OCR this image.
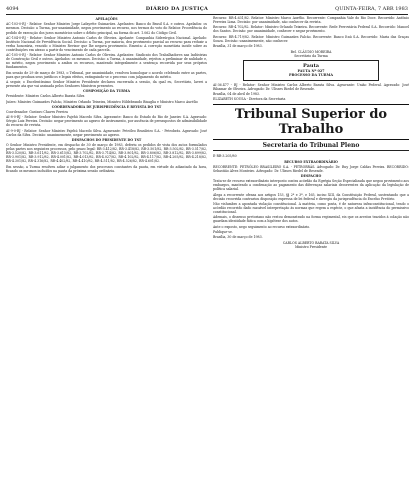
4094	DIÁRIO DA JUSTIÇA	QUINTA-FEIRA, 7 ABR 1983
APELAÇÕES
AC-103-0-RJ - Relator: Senhor Ministro Jorge Lafayette Guimarães. Apelantes: Banco do Brasil S.A. e outros. Apelados: os mesmos. Decisão: a Turma, por unanimidade, negou provimento ao recurso, nos termos do voto do Relator. Procedência do pedido de execução dos juros moratórios sobre o débito principal, na forma do art. 1.062 do Código Civil.
AC-104-0-RJ - Relator: Senhor Ministro Antonio Carlos de Oliveira. Apelante: Companhia Siderúrgica Nacional. Apelado: Instituto Nacional de Previdência Social. Decisão: a Turma, por maioria, deu provimento parcial ao recurso para reduzir a verba honorária, vencido o Ministro Revisor que lhe negava provimento. Ementa: A correção monetária incide sobre as contribuições em atraso a partir do vencimento de cada parcela.
AC-105-0-RJ - Relator: Senhor Ministro Antonio Carlos de Oliveira. Apelantes: Sindicato dos Trabalhadores nas Indústrias de Construção Civil e outros. Apelados: os mesmos. Decisão: a Turma, à unanimidade, rejeitou a preliminar de nulidade e, no mérito, negou provimento a ambos os recursos, mantendo integralmente a sentença recorrida por seus próprios fundamentos.
Em sessão de 29 de março de 1983, o Tribunal, por unanimidade, resolveu homologar o acordo celebrado entre as partes, para que produza seus jurídicos e legais efeitos, extinguindo-se o processo com julgamento do mérito.
A seguir, o Excelentíssimo Senhor Ministro Presidente declarou encerrada a sessão, da qual eu, Secretário, lavrei a presente ata que vai assinada pelos Senhores Ministros presentes.
COMPOSIÇÃO DA TURMA
Presidente: Ministro Carlos Alberto Barata Silva
Juízes: Ministro Guimarães Falcão, Ministro Orlando Teixeira, Ministro Hildebrando Bisaglia e Ministro Marco Aurélio
COORDENADORIA DE JURISPRUDÊNCIA E REVISTA DO TST
Coordenador: Gustavo Chaves Pereira
AI-8-0-RJ - Relator: Senhor Ministro Pajehú Macedo Silva. Agravante: Banco do Estado do Rio de Janeiro S.A. Agravado: Sérgio Luiz Pereira. Decisão: negar provimento ao agravo de instrumento, por ausência de pressupostos de admissibilidade do recurso de revista.
AI-9-0-RJ - Relator: Senhor Ministro Pajehú Macedo Silva. Agravante: Petróleo Brasileiro S.A. - Petrobrás. Agravado: José Carlos da Silva. Decisão: unanimemente, negar provimento ao agravo.
DESPACHOS DO PRESIDENTE DO TST
O Senhor Ministro Presidente, em despacho de 30 de março de 1983, deferiu os pedidos de vista dos autos formulados pelas partes nos seguintes processos, pelo prazo legal: RR-3.412/82, RR-3.418/82, RR-3.501/82, RR-3.502/82, RR-3.517/82, RR-3.520/82, RR-3.611/82, RR-3.615/82, RR-3.702/82, RR-3.714/82, RR-3.801/82, RR-3.806/82, RR-3.812/82, RR-3.899/82, RR-3.901/82, RR-3.912/82, RR-4.001/82, RR-4.013/82, RR-4.027/82, RR-4.102/82, RR-4.117/82, RR-4.205/82, RR-4.218/82, RR-4.301/82, RR-4.316/82, RR-4.402/82, RR-4.410/82, RR-4.511/82, RR-4.526/82, RR-4.601/82.
Em sessão, a Turma resolveu adiar o julgamento dos processos constantes da pauta, em virtude do adiantado da hora, ficando os mesmos incluídos na pauta da próxima sessão ordinária.
Recurso: RR-4.631/82. Relator: Ministro Marco Aurélio. Recorrente: Companhia Vale do Rio Doce. Recorrido: Antônio Ferreira Lima. Decisão: por unanimidade, não conhecer da revista.
Recurso: RR-4.702/82. Relator: Ministro Orlando Teixeira. Recorrente: Rede Ferroviária Federal S.A. Recorrido: Manoel dos Santos. Decisão: por unanimidade, conhecer e negar provimento.
Recurso: RR-4.719/82. Relator: Ministro Guimarães Falcão. Recorrente: Banco Itaú S.A. Recorrido: Maria das Graças Souza. Decisão: unanimemente, não conhecer.
Brasília, 31 de março de 1983.
Bel. CLÁUDIO MOREIRA
Secretário da Turma
Pauta
PAUTA Nº 027
PROCESSO DA TURMA
AI-36.477 - RJ - Relator: Senhor Ministro Carlos Alberto Barata Silva. Agravante: União Federal. Agravado: José Ribamar de Oliveira. Advogado: Dr. Ulisses Riedel de Resende.
Brasília, 04 de abril de 1983.
ELIZABETH SOUSA - Diretora da Secretaria
Tribunal Superior do Trabalho
Secretaria do Tribunal Pleno
E-RR-3.205/80
RECURSO EXTRAORDINÁRIO
RECORRENTE: PETRÓLEO BRASILEIRO S.A. - PETROBRÁS. Advogado: Dr. Ruy Jorge Caldas Pereira. RECORRIDO: Sebastião Alves Monteiro. Advogado: Dr. Ulisses Riedel de Resende.
DESPACHO
Trata-se de recurso extraordinário interposto contra acórdão da Egrégia Seção Especializada que negou provimento aos embargos, mantendo a condenação ao pagamento das diferenças salariais decorrentes da aplicação da legislação de política salarial.
Alega a recorrente ofensa aos artigos 153, §§ 2º e 3º, e 165, inciso XIII, da Constituição Federal, sustentando que a decisão recorrida contrariou disposição expressa de lei federal e divergiu da jurisprudência do Excelso Pretório.
Não vislumbro a apontada violação constitucional. A matéria, como posta, é de natureza infraconstitucional, tendo o acórdão recorrido dado razoável interpretação às normas que regem a espécie, o que afasta a incidência do permissivo constitucional.
Ademais, o dissenso pretoriano não restou demonstrado na forma regimental, eis que os arestos trazidos à colação não guardam identidade fática com a hipótese dos autos.
Ante o exposto, nego seguimento ao recurso extraordinário.
Publique-se.
Brasília, 30 de março de 1983.
CARLOS ALBERTO BARATA SILVA
Ministro Presidente
